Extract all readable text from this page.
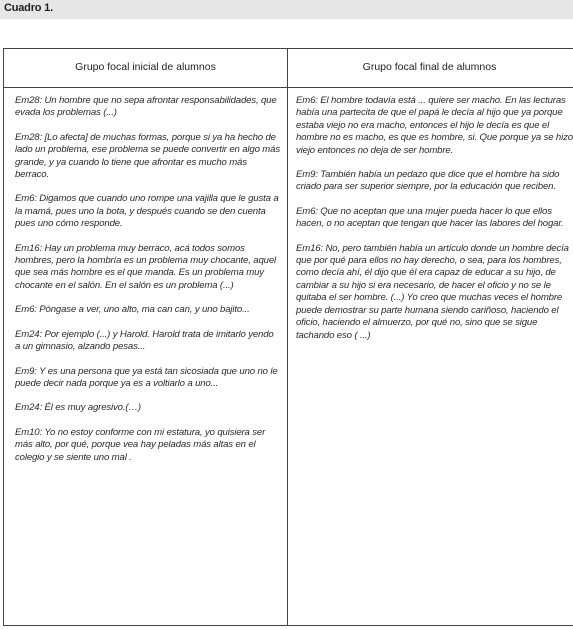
Cuadro 1.
Grupo focal inicial de alumnos	Grupo focal final de alumnos

Em28: Un hombre que no sepa afrontar responsabilidades, que evada los problemas (...)

Em28: [Lo afecta] de muchas formas, porque si ya ha hecho de lado un problema, ese problema se puede convertir en algo más grande, y ya cuando lo tiene que afrontar es mucho más berraco.

Em6: Digamos que cuando uno rompe una vajilla que le gusta a la mamá, pues uno la bota, y después cuando se den cuenta pues uno cómo responde.

Em16: Hay un problema muy berraco, acá todos somos hombres, pero la hombría es un problema muy chocante, aquel que sea más hombre es el que manda. Es un problema muy chocante en el salón. En el salón es un problema (...)

Em6: Póngase a ver, uno alto, ma can can, y uno bajito...

Em24: Por ejemplo (...) y Harold. Harold trata de imitarlo yendo a un gimnasio, alzando pesas...

Em9: Y es una persona que ya está tan sicosiada que uno no le puede decir nada porque ya es a voltiarlo a uno...

Em24: Él es muy agresivo.(…)

Em10: Yo no estoy conforme con mi estatura, yo quisiera ser más alto, por qué, porque vea hay peladas más altas en el colegio y se siente uno mal .

Em6: El hombre todavía está ... quiere ser macho. En las lecturas había una partecita de que el papá le decía al hijo que ya porque estaba viejo no era macho, entonces el hijo le decía es que el hombre no es macho, es que es hombre, si. Que porque ya se hizo viejo entonces no deja de ser hombre.

Em9: También había un pedazo que dice que el hombre ha sido criado para ser superior siempre, por la educación que reciben.

Em6: Que no aceptan que una mujer pueda hacer lo que ellos hacen, o no aceptan que tengan que hacer las labores del hogar.

Em16: No, pero también había un artículo donde un hombre decía que por qué para ellos no hay derecho, o sea, para los hombres, como decía ahí, él dijo que él era capaz de educar a su hijo, de cambiar a su hijo si era necesario, de hacer el oficio y no se le quitaba el ser hombre. (...) Yo creo que muchas veces el hombre puede demostrar su parte humana siendo cariñoso, haciendo el oficio, haciendo el almuerzo, por qué no, sino que se sigue tachando eso ( ...)
